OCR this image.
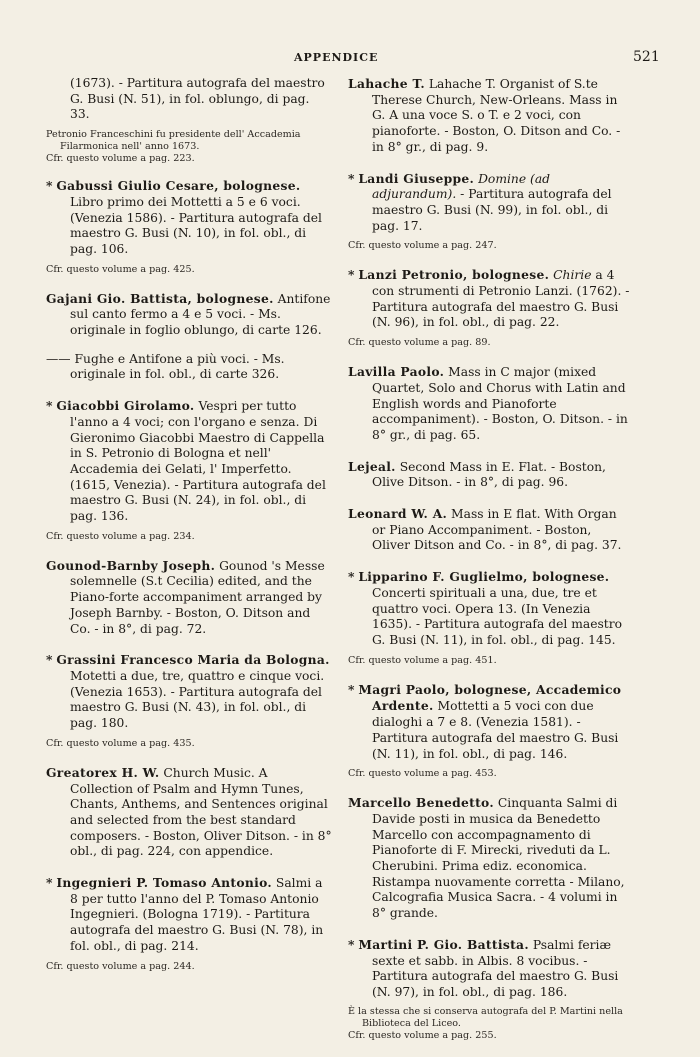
APPENDICE	521
(1673). - Partitura autografa del maestro G. Busi (N. 51), in fol. oblungo, di pag. 33.
Petronio Franceschini fu presidente dell' Accademia Filarmonica nell' anno 1673.
Cfr. questo volume a pag. 223.
* Gabussi Giulio Cesare, bolognese. Libro primo dei Mottetti a 5 e 6 voci. (Venezia 1586). - Partitura autografa del maestro G. Busi (N. 10), in fol. obl., di pag. 106.
Cfr. questo volume a pag. 425.
Gajani Gio. Battista, bolognese. Antifone sul canto fermo a 4 e 5 voci. - Ms. originale in foglio oblungo, di carte 126.
—— Fughe e Antifone a più voci. - Ms. originale in fol. obl., di carte 326.
* Giacobbi Girolamo. Vespri per tutto l'anno a 4 voci; con l'organo e senza. Di Gieronimo Giacobbi Maestro di Cappella in S. Petronio di Bologna et nell' Accademia dei Gelati, l' Imperfetto. (1615, Venezia). - Partitura autografa del maestro G. Busi (N. 24), in fol. obl., di pag. 136.
Cfr. questo volume a pag. 234.
Gounod-Barnby Joseph. Gounod 's Messe solemnelle (S.t Cecilia) edited, and the Piano-forte accompaniment arranged by Joseph Barnby. - Boston, O. Ditson and Co. - in 8°, di pag. 72.
* Grassini Francesco Maria da Bologna. Motetti a due, tre, quattro e cinque voci. (Venezia 1653). - Partitura autografa del maestro G. Busi (N. 43), in fol. obl., di pag. 180.
Cfr. questo volume a pag. 435.
Greatorex H. W. Church Music. A Collection of Psalm and Hymn Tunes, Chants, Anthems, and Sentences original and selected from the best standard composers. - Boston, Oliver Ditson. - in 8° obl., di pag. 224, con appendice.
* Ingegnieri P. Tomaso Antonio. Salmi a 8 per tutto l'anno del P. Tomaso Antonio Ingegnieri. (Bologna 1719). - Partitura autografa del maestro G. Busi (N. 78), in fol. obl., di pag. 214.
Cfr. questo volume a pag. 244.
Lahache T. Lahache T. Organist of S.te Therese Church, New-Orleans. Mass in G. A una voce S. o T. e 2 voci, con pianoforte. - Boston, O. Ditson and Co. - in 8° gr., di pag. 9.
* Landi Giuseppe. Domine (ad adjurandum). - Partitura autografa del maestro G. Busi (N. 99), in fol. obl., di pag. 17.
Cfr. questo volume a pag. 247.
* Lanzi Petronio, bolognese. Chirie a 4 con strumenti di Petronio Lanzi. (1762). - Partitura autografa del maestro G. Busi (N. 96), in fol. obl., di pag. 22.
Cfr. questo volume a pag. 89.
Lavilla Paolo. Mass in C major (mixed Quartet, Solo and Chorus with Latin and English words and Pianoforte accompaniment). - Boston, O. Ditson. - in 8° gr., di pag. 65.
Lejeal. Second Mass in E. Flat. - Boston, Olive Ditson. - in 8°, di pag. 96.
Leonard W. A. Mass in E flat. With Organ or Piano Accompaniment. - Boston, Oliver Ditson and Co. - in 8°, di pag. 37.
* Lipparino F. Guglielmo, bolognese. Concerti spirituali a una, due, tre et quattro voci. Opera 13. (In Venezia 1635). - Partitura autografa del maestro G. Busi (N. 11), in fol. obl., di pag. 145.
Cfr. questo volume a pag. 451.
* Magri Paolo, bolognese, Accademico Ardente. Mottetti a 5 voci con due dialoghi a 7 e 8. (Venezia 1581). - Partitura autografa del maestro G. Busi (N. 11), in fol. obl., di pag. 146.
Cfr. questo volume a pag. 453.
Marcello Benedetto. Cinquanta Salmi di Davide posti in musica da Benedetto Marcello con accompagnamento di Pianoforte di F. Mirecki, riveduti da L. Cherubini. Prima ediz. economica. Ristampa nuovamente corretta - Milano, Calcografia Musica Sacra. - 4 volumi in 8° grande.
* Martini P. Gio. Battista. Psalmi feriæ sexte et sabb. in Albis. 8 vocibus. - Partitura autografa del maestro G. Busi (N. 97), in fol. obl., di pag. 186.
È la stessa che si conserva autografa del P. Martini nella Biblioteca del Liceo.
Cfr. questo volume a pag. 255.
